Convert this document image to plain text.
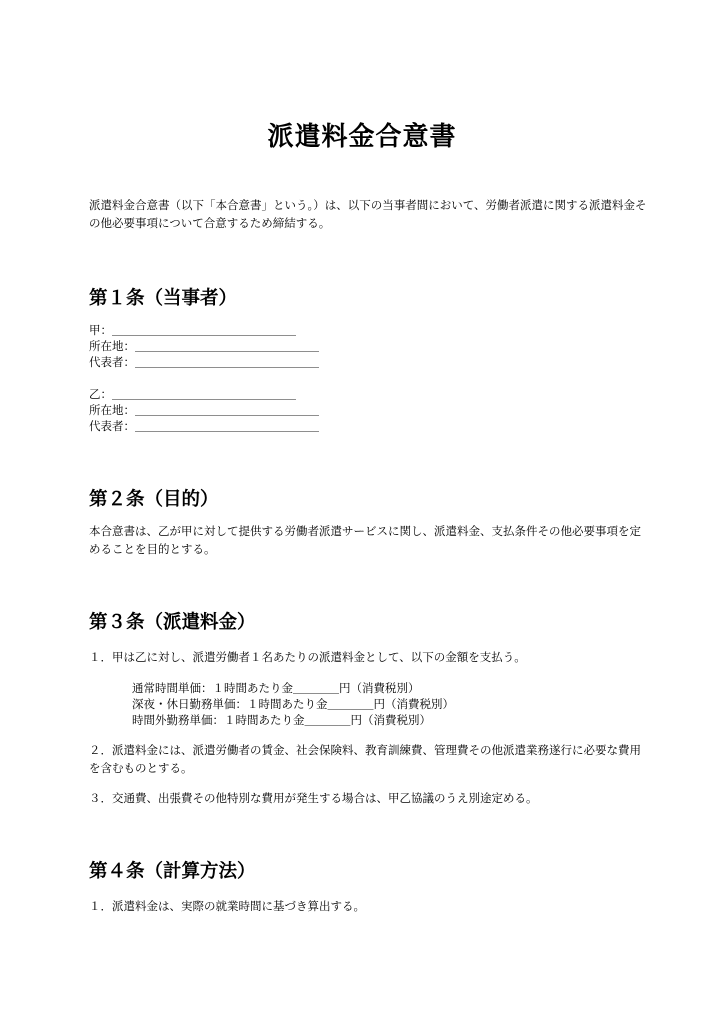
派遣料金合意書

派遣料金合意書（以下「本合意書」という。）は、以下の当事者間において、労働者派遣に関する派遣料金その他必要事項について合意するため締結する。

第１条（当事者）

甲：＿＿＿＿＿＿＿＿＿＿＿＿＿＿＿＿

所在地：＿＿＿＿＿＿＿＿＿＿＿＿＿＿＿＿

代表者：＿＿＿＿＿＿＿＿＿＿＿＿＿＿＿＿

乙：＿＿＿＿＿＿＿＿＿＿＿＿＿＿＿＿

所在地：＿＿＿＿＿＿＿＿＿＿＿＿＿＿＿＿

代表者：＿＿＿＿＿＿＿＿＿＿＿＿＿＿＿＿

第２条（目的）

本合意書は、乙が甲に対して提供する労働者派遣サービスに関し、派遣料金、支払条件その他必要事項を定めることを目的とする。

第３条（派遣料金）

１．甲は乙に対し、派遣労働者１名あたりの派遣料金として、以下の金額を支払う。

通常時間単価：１時間あたり金＿＿＿＿円（消費税別）

深夜・休日勤務単価：１時間あたり金＿＿＿＿円（消費税別）

時間外勤務単価：１時間あたり金＿＿＿＿円（消費税別）

２．派遣料金には、派遣労働者の賃金、社会保険料、教育訓練費、管理費その他派遣業務遂行に必要な費用を含むものとする。

３．交通費、出張費その他特別な費用が発生する場合は、甲乙協議のうえ別途定める。

第４条（計算方法）

１．派遣料金は、実際の就業時間に基づき算出する。
